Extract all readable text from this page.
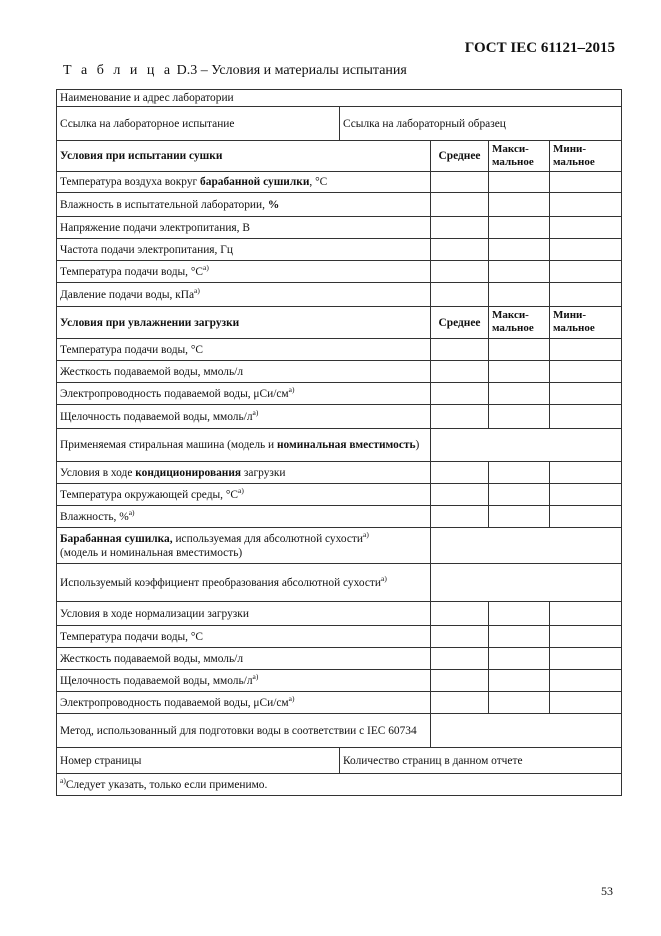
ГОСТ IEC 61121–2015
Т а б л и ц а D.3 – Условия и материалы испытания
Наименование и адрес лаборатории				
Ссылка на лабораторное испытание	Ссылка на лабораторный образец			
Условия при испытании сушки		Среднее	Макси-мальное	Мини-мальное
Температура воздуха вокруг барабанной сушилки, °С				
Влажность в испытательной лаборатории, %				
Напряжение подачи электропитания, В				
Частота подачи электропитания, Гц				
Температура подачи воды, $^\circ С^{a)}$			
Давление подачи воды, кПа$^{a)}$			
Условия при увлажнении загрузки		Среднее	Макси-мальное	Мини-мальное
Температура подачи воды, °С				
Жесткость подаваемой воды, ммоль/л				
Электропроводность подаваемой воды, μСи/$см^{a)}$			
Щелочность подаваемой воды, ммоль/$л^{a)}$			
Применяемая стиральная машина (модель и номинальная вместимость)				
Условия в ходе кондиционирования загрузки				
Температура окружающей среды, $^\circ С^{a)}$			
Влажность, %$^{a)}$			
Барабанная сушилка, используемая для абсолютной сухости$^{a)}$
(модель и номинальная вместимость)				
Используемый коэффициент преобразования абсолютной сухости$^{a)}$	
Условия в ходе нормализации загрузки				
Температура подачи воды, °С				
Жесткость подаваемой воды, ммоль/л				
Щелочность подаваемой воды, ммоль/$л^{a)}$			
Электропроводность подаваемой воды, μСи/$см^{a)}$			
Метод, использованный для подготовки воды в соответствии с IEC 60734				
Номер страницы	Количество страниц в данном отчете			
$^{a)}$Следует указать, только если применимо.				
53
